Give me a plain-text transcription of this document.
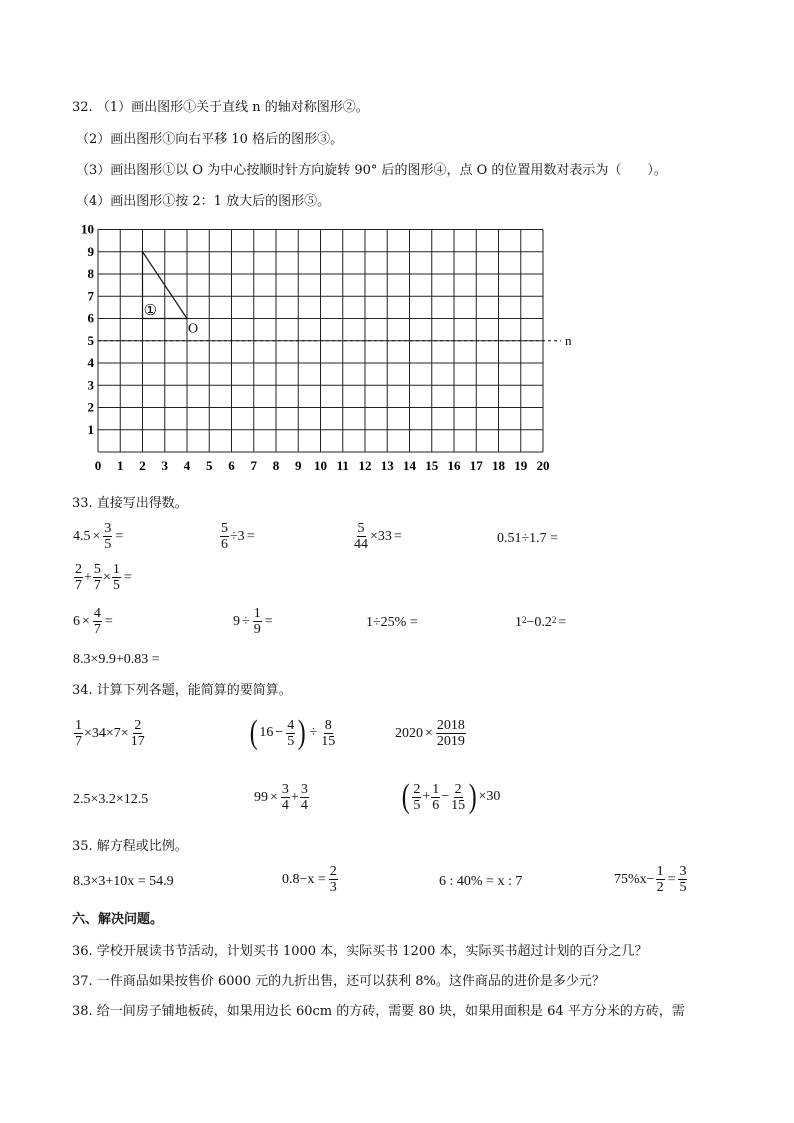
32. （1）画出图形①关于直线 n 的轴对称图形②。
（2）画出图形①向右平移 10 格后的图形③。
（3）画出图形①以 O 为中心按顺时针方向旋转 90° 后的图形④，点 O 的位置用数对表示为（　　）。
（4）画出图形①按 2：1 放大后的图形⑤。
0 1 2 3 4 5 6 7 8 9 10 11 12 13 14 15 16 17 18 19 20
1
2
3
4
5
6
7
8
9
10
n
①
O
33. 直接写出得数。
$4.5 \times \frac{3}{5}$ =	$\frac{5}{6} \div 3$ =	$\frac{5}{44} \times 33$ =	0.51÷1.7 =
$\frac{2}{7} + \frac{5}{7} \times \frac{1}{5}$ =
$6 \times \frac{4}{7}$ =	$9 \div \frac{1}{9}$ =	1÷25% =	$1^2 -0.2^2$ =
8.3×9.9+0.83 =
34. 计算下列各题，能简算的要简算。
$\frac{1}{7} \times 34\times 7\times \frac{2}{17}$	( $16 - \frac{4}{5}$ ) ÷ $\frac{8}{15}$	$2020 \times \frac{2018}{2019}$
2.5×3.2×12.5	$99 \times \frac{3}{4} + \frac{3}{4}$	( $\frac{2}{5} + \frac{1}{6} - \frac{2}{15}$ ) ×30
35. 解方程或比例。
8.3×3+10x = 54.9	$0.8-x = \frac{2}{3}$	6 : 40% = x : 7	$75\%x- \frac{1}{2} = \frac{3}{5}$
六、解决问题。
36. 学校开展读书节活动，计划买书 1000 本，实际买书 1200 本，实际买书超过计划的百分之几？
37. 一件商品如果按售价 6000 元的九折出售，还可以获利 8%。这件商品的进价是多少元？
38. 给一间房子铺地板砖，如果用边长 60cm 的方砖，需要 80 块，如果用面积是 64 平方分米的方砖，需
